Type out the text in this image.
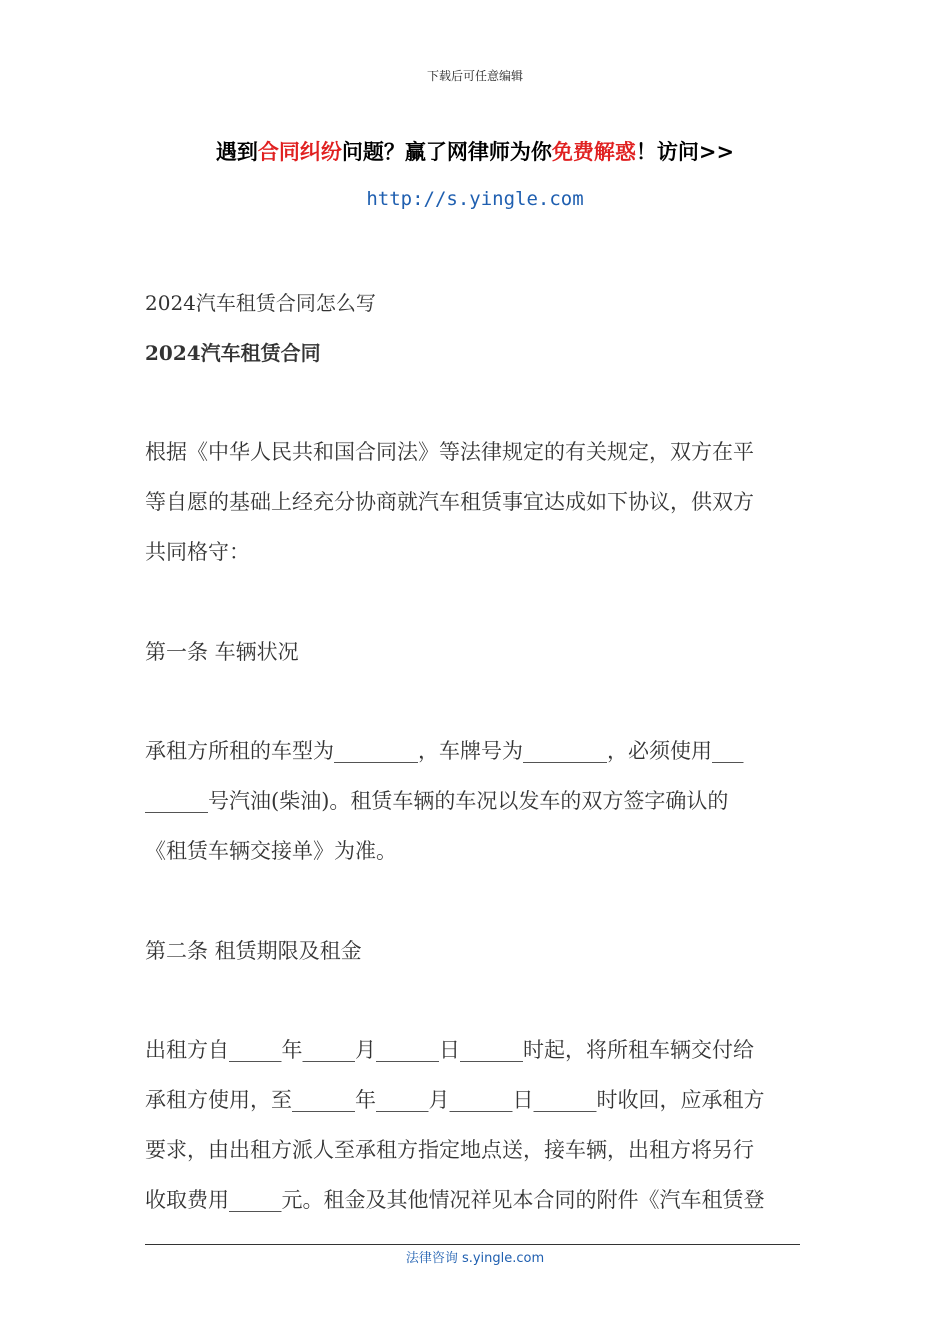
下载后可任意编辑
遇到合同纠纷问题？赢了网律师为你免费解惑！访问>>
http://s.yingle.com
2024汽车租赁合同怎么写
2024汽车租赁合同
根据《中华人民共和国合同法》等法律规定的有关规定，双方在平
等自愿的基础上经充分协商就汽车租赁事宜达成如下协议，供双方
共同格守：
第一条 车辆状况
承租方所租的车型为________，车牌号为________，必须使用___
______号汽油(柴油)。租赁车辆的车况以发车的双方签字确认的
《租赁车辆交接单》为准。
第二条 租赁期限及租金
出租方自_____年_____月______日______时起，将所租车辆交付给
承租方使用，至______年_____月______日______时收回，应承租方
要求，由出租方派人至承租方指定地点送，接车辆，出租方将另行
收取费用_____元。租金及其他情况祥见本合同的附件《汽车租赁登
法律咨询 s.yingle.com
